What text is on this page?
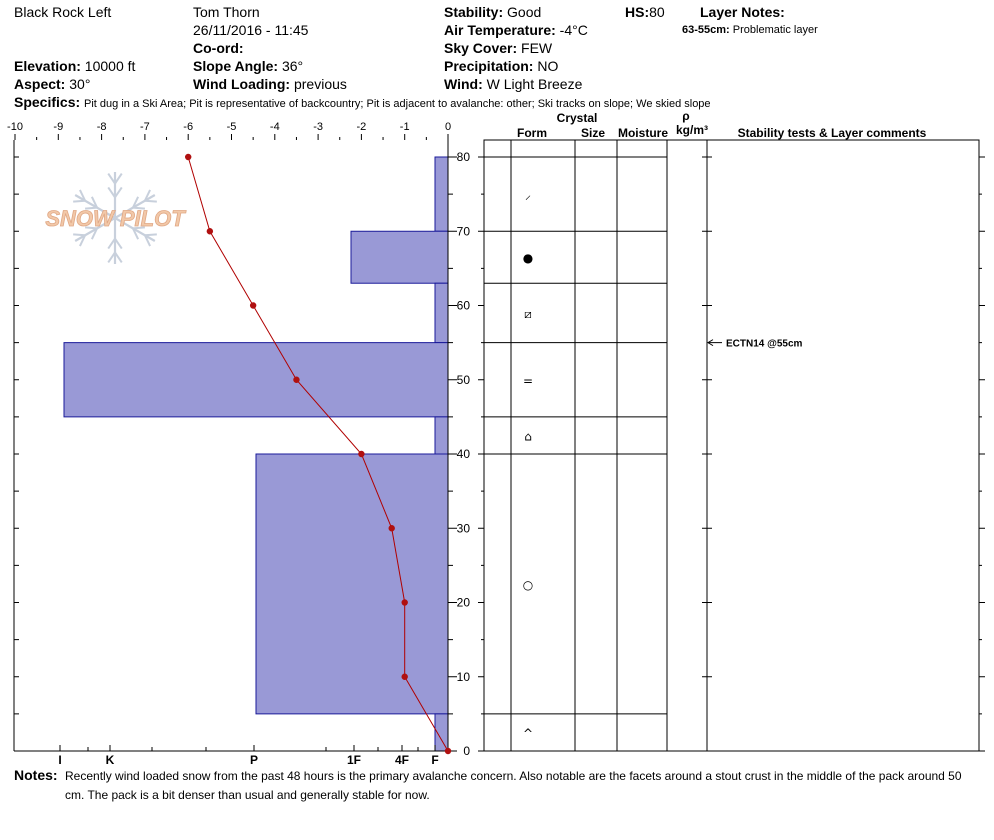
Black Rock Left	Tom Thorn
26/11/2016 - 11:45
Co-ord:
Elevation: 10000 ft
Aspect: 30°
Slope Angle: 36°
Wind Loading: previous
Stability: Good
Air Temperature: -4°C
Sky Cover: FEW
Precipitation: NO
Wind: W Light Breeze
HS:80	Layer Notes:
63-55cm: Problematic layer
Specifics: Pit dug in a Ski Area; Pit is representative of backcountry; Pit is adjacent to avalanche: other; Ski tracks on slope; We skied slope
SNOW PILOT
-10	-9	-8	-7	-6	-5	-4	-3	-2	-1	0
0
10
20
30
40
50
60
70
80
I	K	P	1F	4F F
⸝
●
⧄
=
⌂
○
^
ECTN14 @55cm
Crystal
Form	Size Moisture
ρ
kg/m³ Stability tests & Layer comments
Notes: Recently wind loaded snow from the past 48 hours is the primary avalanche concern. Also notable are the facets around a stout crust in the middle of the pack around 50 cm. The pack is a bit denser than usual and generally stable for now.
